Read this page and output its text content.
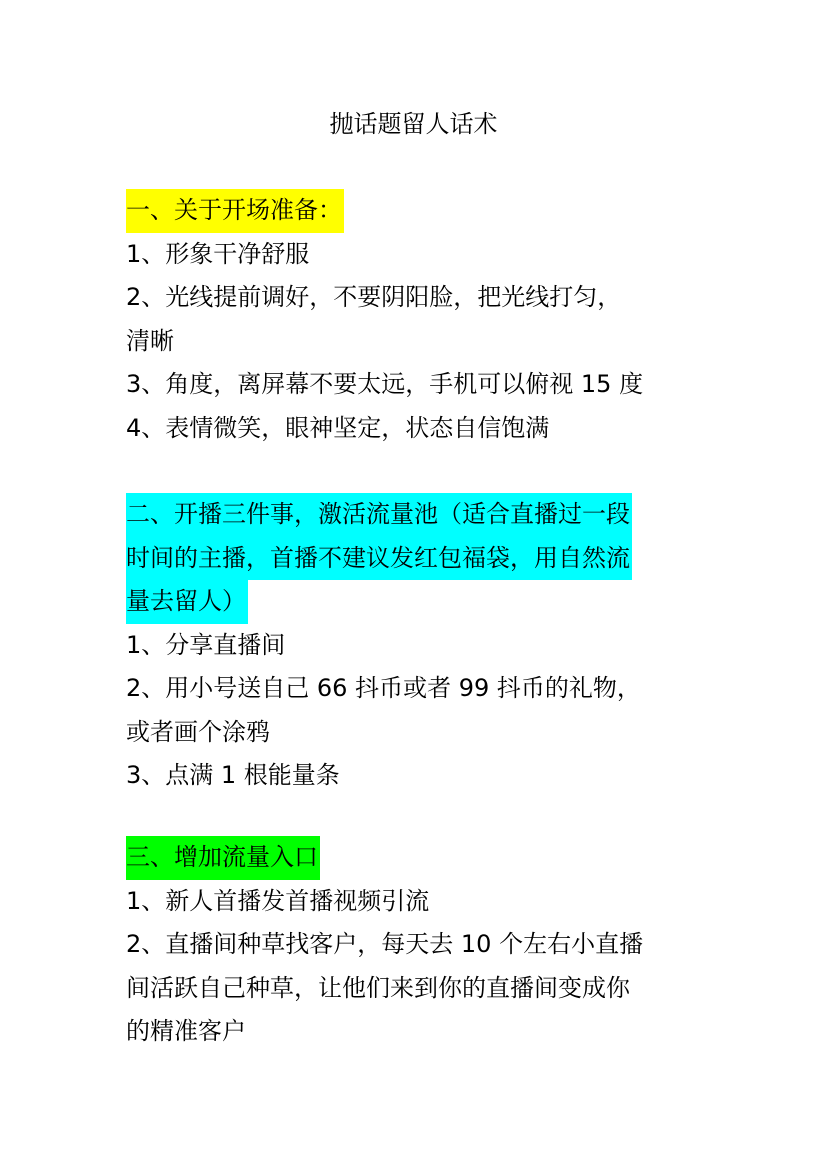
抛话题留人话术
一、关于开场准备：
1、形象干净舒服
2、光线提前调好，不要阴阳脸，把光线打匀，
清晰
3、角度，离屏幕不要太远，手机可以俯视 15 度
4、表情微笑，眼神坚定，状态自信饱满
二、开播三件事，激活流量池（适合直播过一段
时间的主播，首播不建议发红包福袋，用自然流
量去留人）
1、分享直播间
2、用小号送自己 66 抖币或者 99 抖币的礼物，
或者画个涂鸦
3、点满 1 根能量条
三、增加流量入口
1、新人首播发首播视频引流
2、直播间种草找客户，每天去 10 个左右小直播
间活跃自己种草，让他们来到你的直播间变成你
的精准客户
